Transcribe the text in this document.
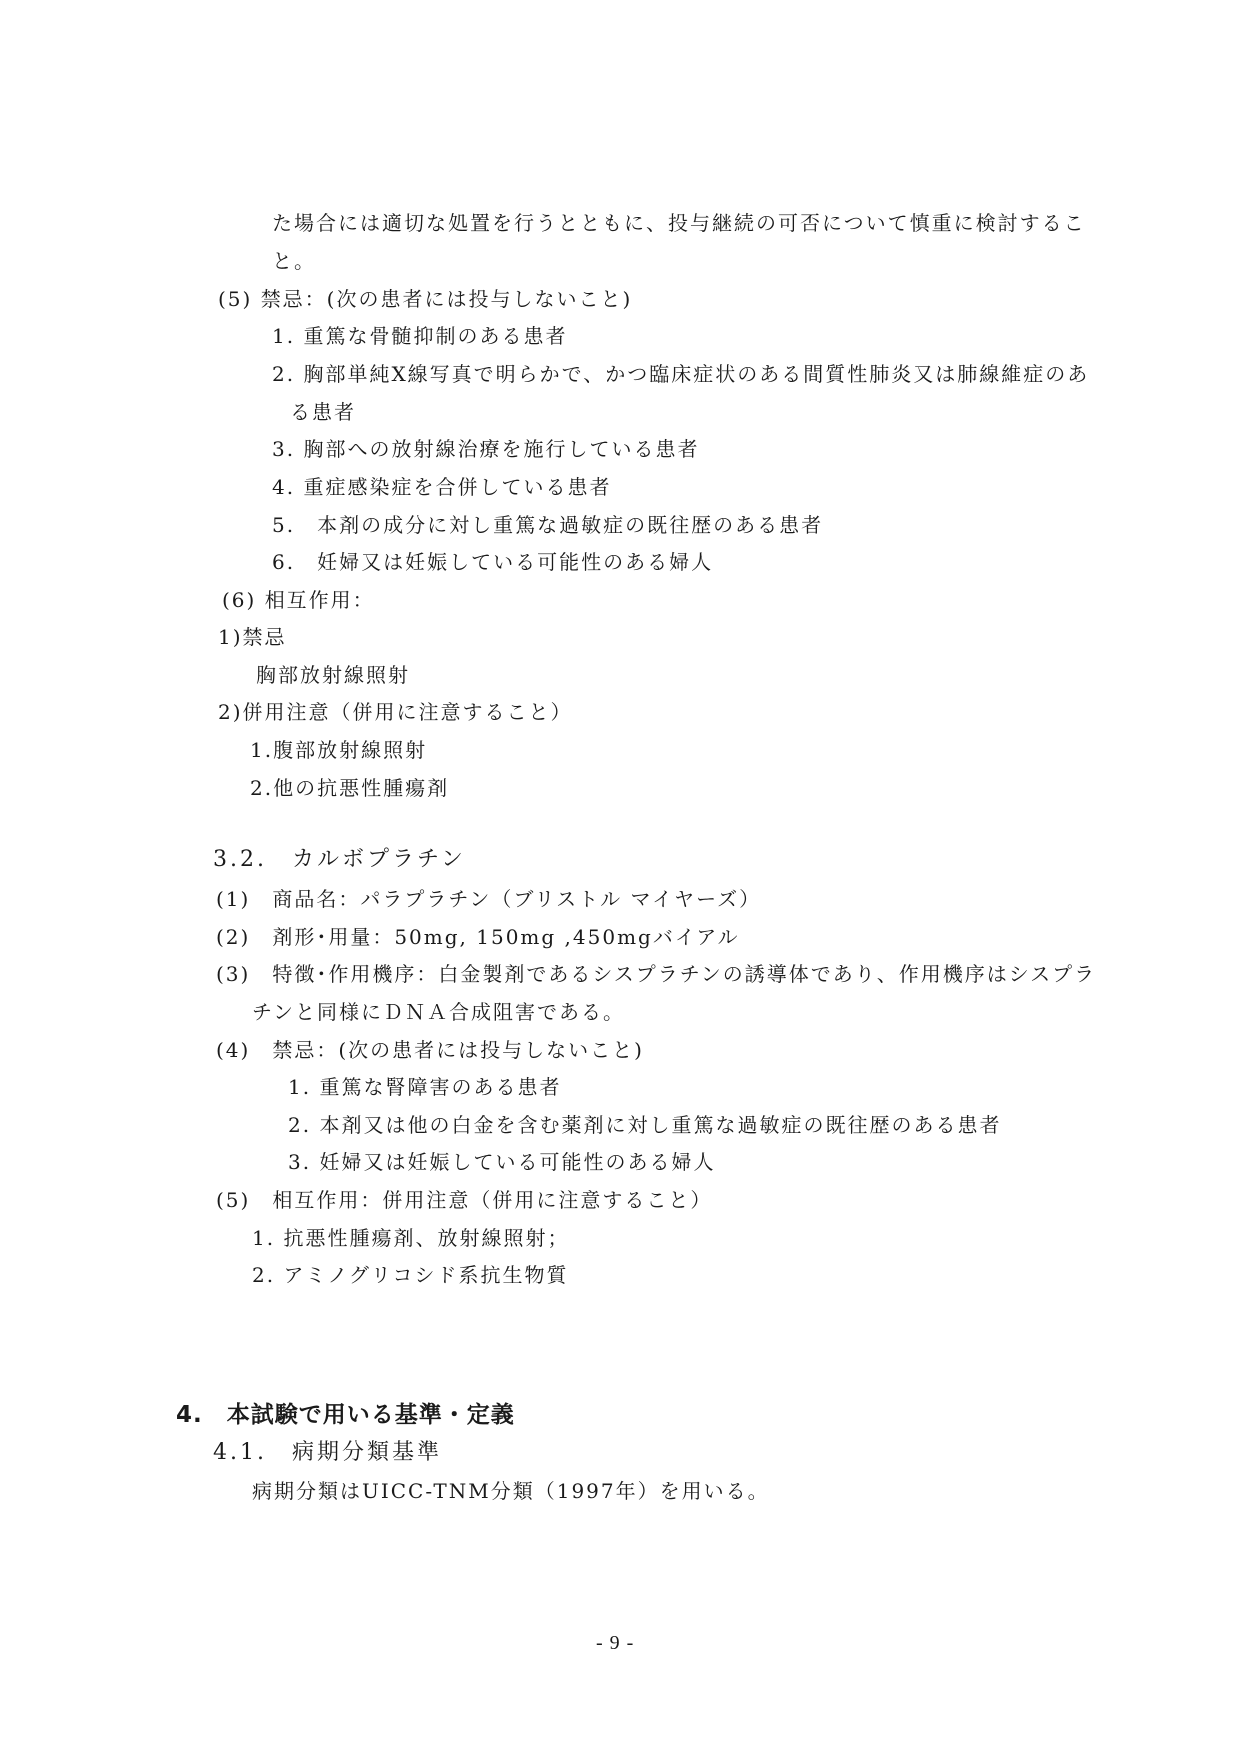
た場合には適切な処置を行うとともに、投与継続の可否について慎重に検討するこ
と。
(5) 禁忌：(次の患者には投与しないこと)
1. 重篤な骨髄抑制のある患者
2. 胸部単純X線写真で明らかで、かつ臨床症状のある間質性肺炎又は肺線維症のあ
る患者
3. 胸部への放射線治療を施行している患者
4. 重症感染症を合併している患者
5.　本剤の成分に対し重篤な過敏症の既往歴のある患者
6.　妊婦又は妊娠している可能性のある婦人
(6) 相互作用：
1)禁忌
胸部放射線照射
2)併用注意（併用に注意すること）
1.腹部放射線照射
2.他の抗悪性腫瘍剤
3.2.　カルボプラチン
(1)　商品名：パラプラチン（ブリストル マイヤーズ）
(2)　剤形･用量：50mg, 150mg ,450mgバイアル
(3)　特徴･作用機序：白金製剤であるシスプラチンの誘導体であり、作用機序はシスプラ
チンと同様にＤＮＡ合成阻害である。
(4)　禁忌：(次の患者には投与しないこと)
1. 重篤な腎障害のある患者
2. 本剤又は他の白金を含む薬剤に対し重篤な過敏症の既往歴のある患者
3. 妊婦又は妊娠している可能性のある婦人
(5)　相互作用：併用注意（併用に注意すること）
1. 抗悪性腫瘍剤、放射線照射；
2. アミノグリコシド系抗生物質
4.　本試験で用いる基準・定義
4.1.　病期分類基準
病期分類はUICC-TNM分類（1997年）を用いる。
- 9 -
